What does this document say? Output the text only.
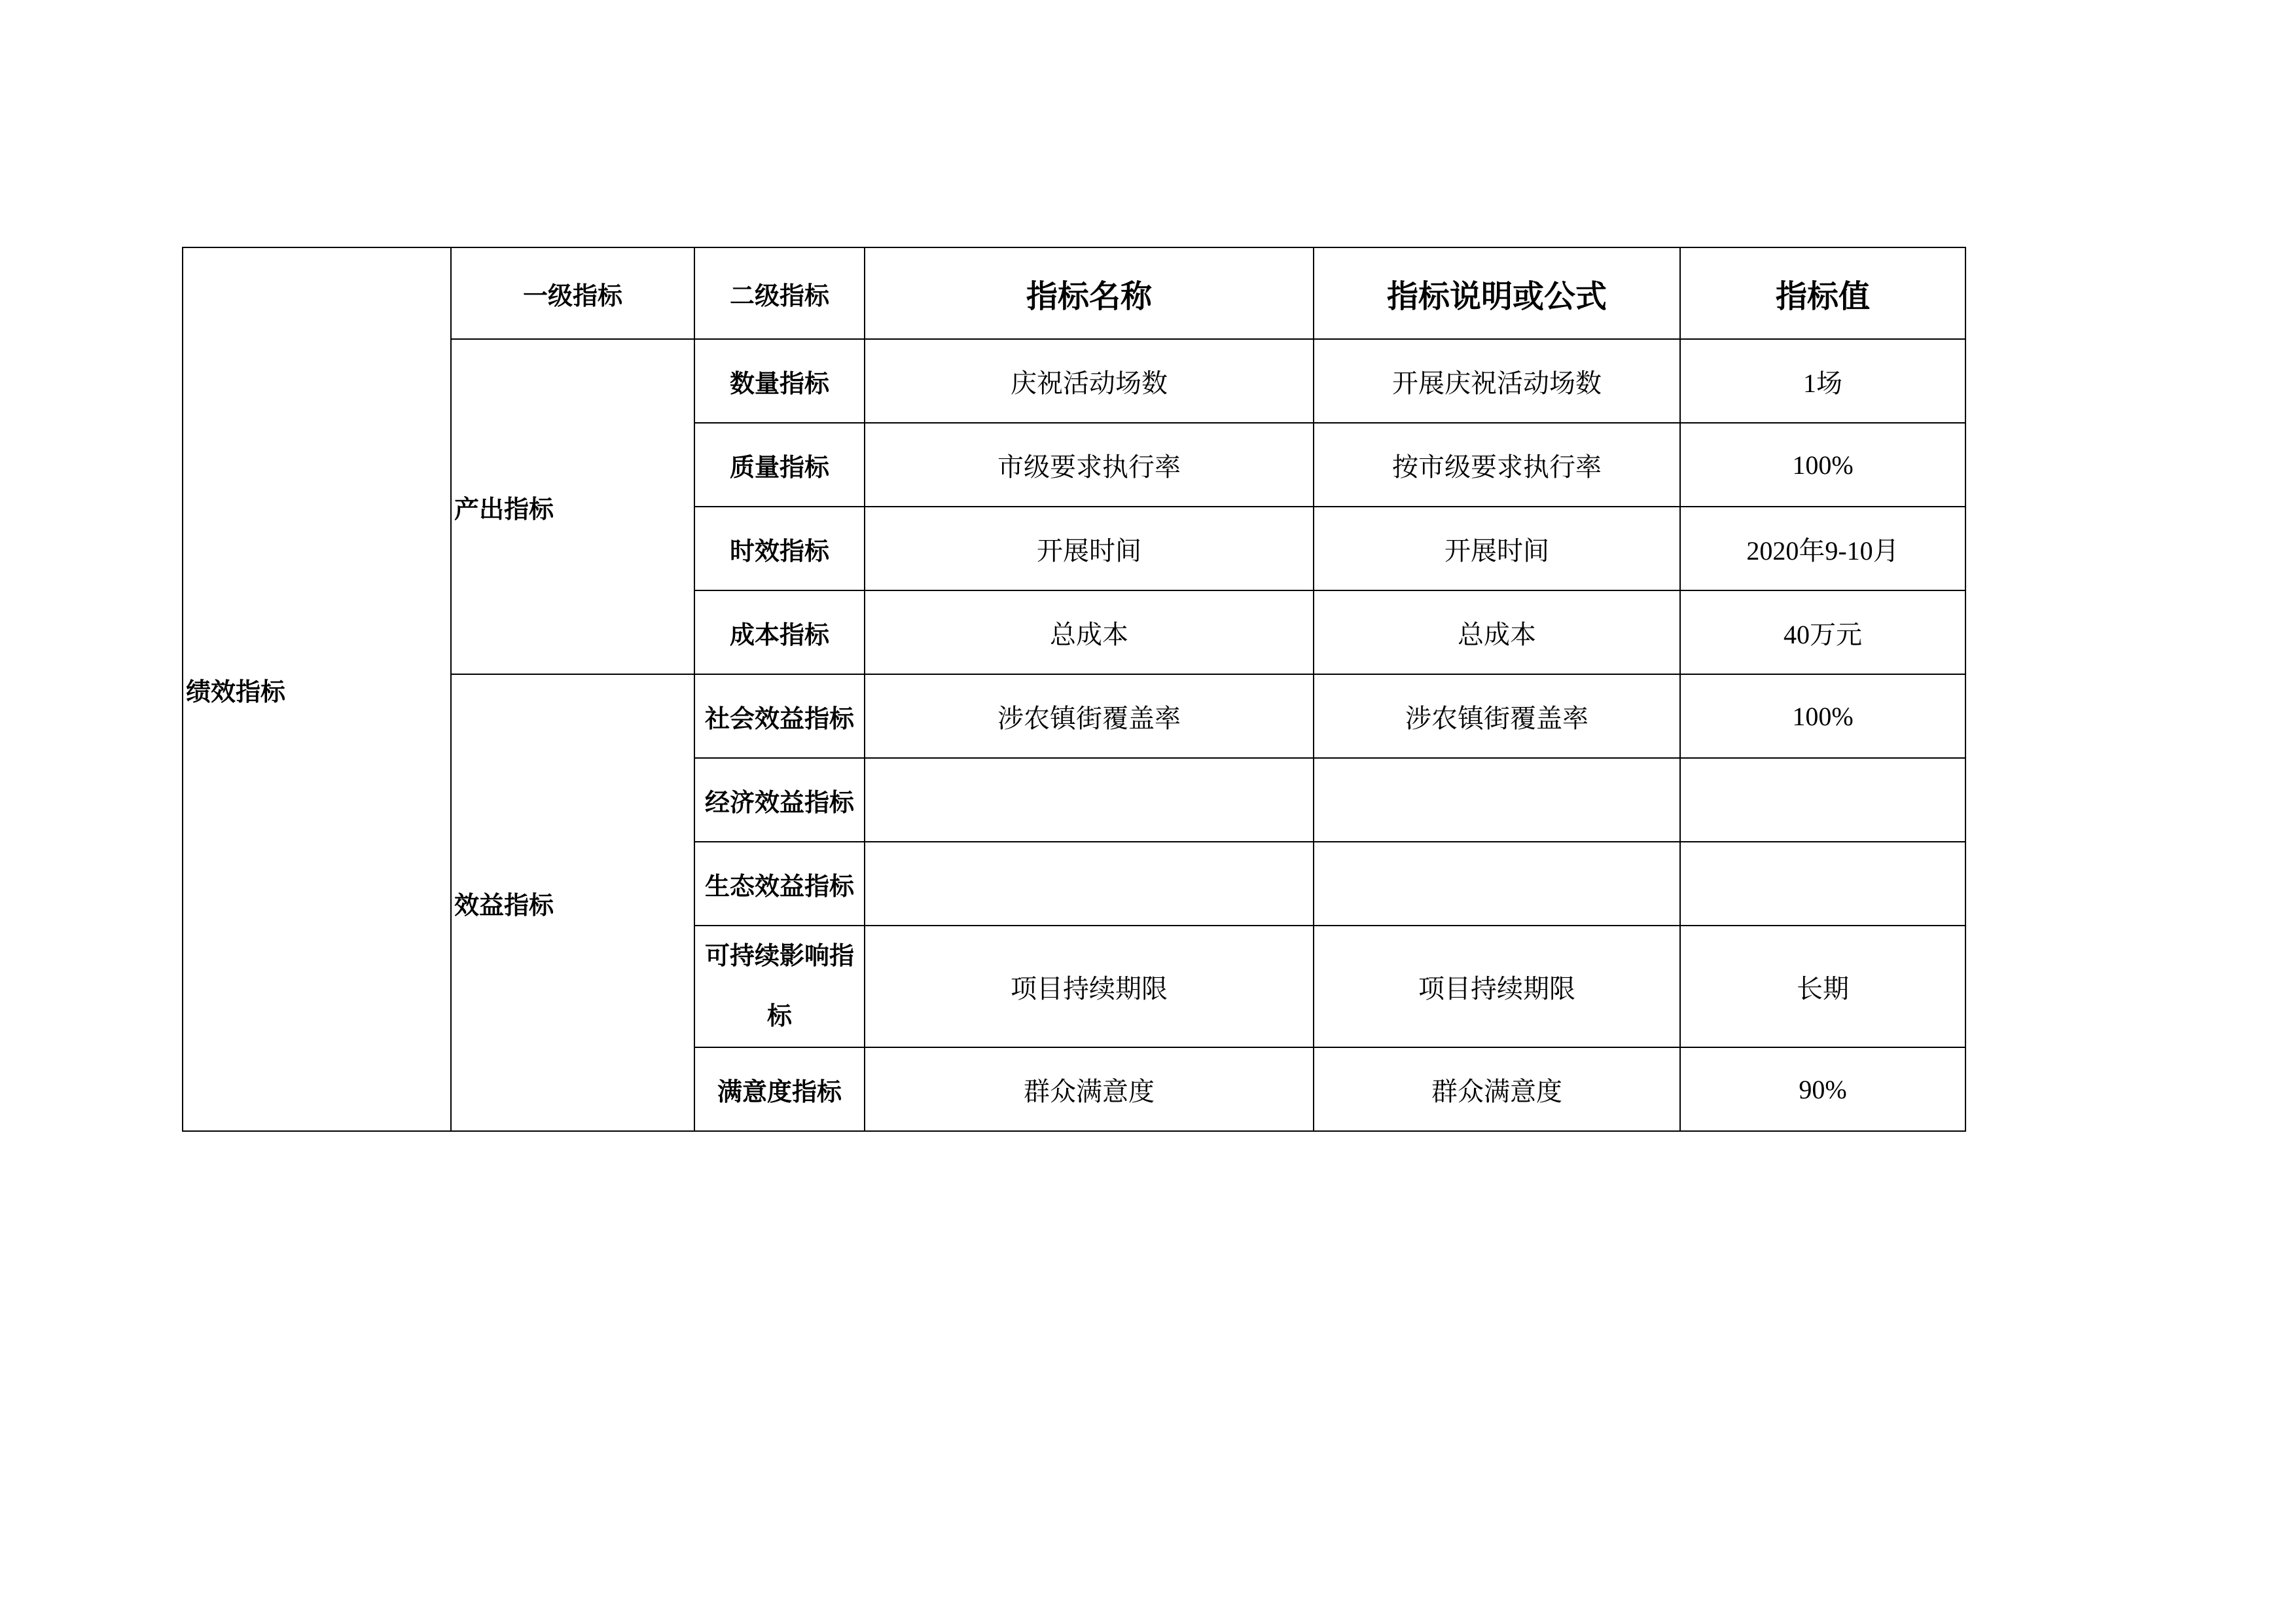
绩效指标	一级指标	二级指标	指标名称	指标说明或公式	指标值
	产出指标	数量指标	庆祝活动场数	开展庆祝活动场数	1场
		质量指标	市级要求执行率	按市级要求执行率	100%
		时效指标	开展时间	开展时间	2020年9-10月
		成本指标	总成本	总成本	40万元
	效益指标	社会效益指标	涉农镇街覆盖率	涉农镇街覆盖率	100%
		经济效益指标			
		生态效益指标			
		可持续影响指标	项目持续期限	项目持续期限	长期
		满意度指标	群众满意度	群众满意度	90%
